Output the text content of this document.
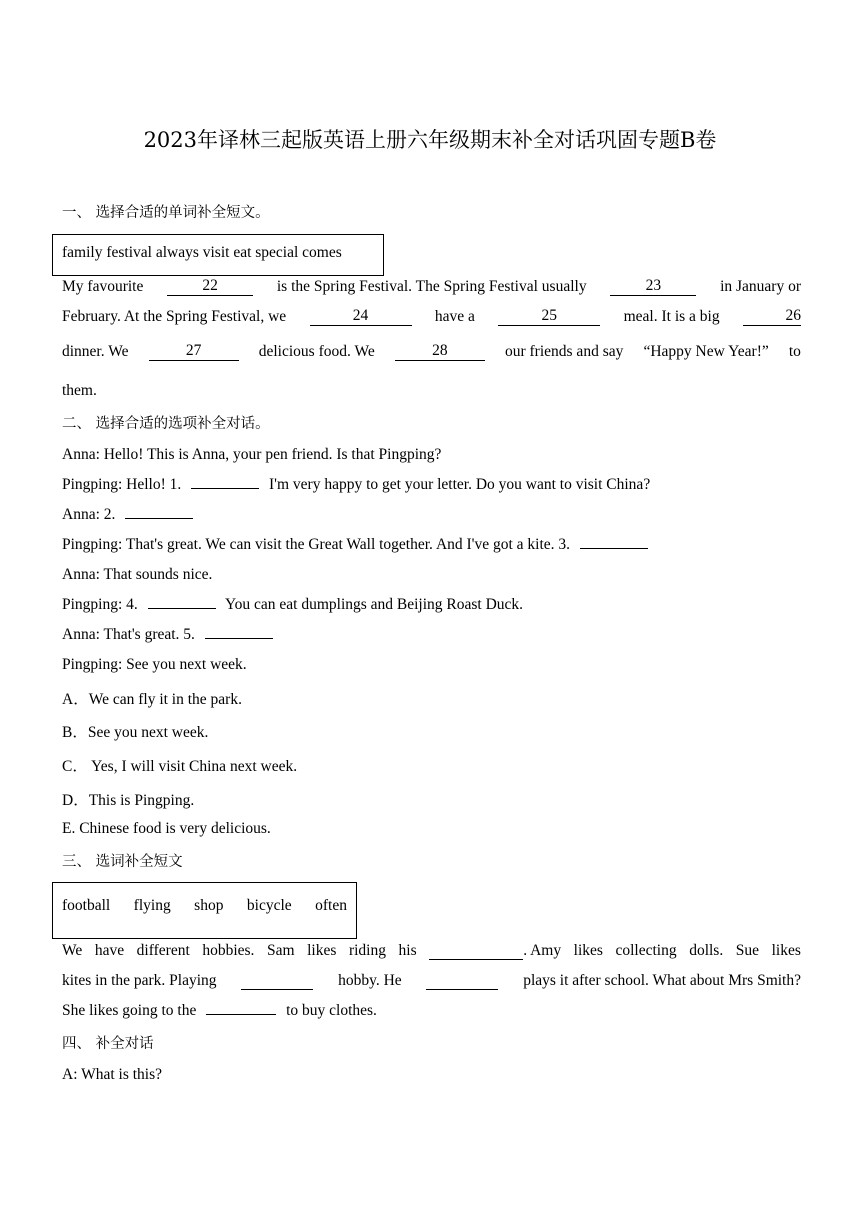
2023年译林三起版英语上册六年级期末补全对话巩固专题B卷
一、 选择合适的单词补全短文。
family festival always visit eat special comes
My favourite	22	is the Spring Festival. The Spring Festival usually	23	in January or
February. At the Spring Festival, we	24	have a	25	meal. It is a big	26
dinner. We	27	delicious food. We	28	our friends and say “Happy New Year!” to
them.
二、 选择合适的选项补全对话。
Anna: Hello! This is Anna, your pen friend. Is that Pingping?
Pingping: Hello! 1.	I'm very happy to get your letter. Do you want to visit China?
Anna: 2.
Pingping: That's great. We can visit the Great Wall together. And I've got a kite. 3.
Anna: That sounds nice.
Pingping: 4.	You can eat dumplings and Beijing Roast Duck.
Anna: That's great. 5.
Pingping: See you next week.
A．We can fly it in the park.
B．See you next week.
C． Yes, I will visit China next week.
D．This is Pingping.
E. Chinese food is very delicious.
三、 选词补全短文
football flying shop bicycle often
We have different hobbies. Sam likes riding his	. Amy likes collecting dolls. Sue likes
kites in the park. Playing	hobby. He	plays it after school. What about Mrs Smith?
She likes going to the	to buy clothes.
四、 补全对话
A: What is this?
